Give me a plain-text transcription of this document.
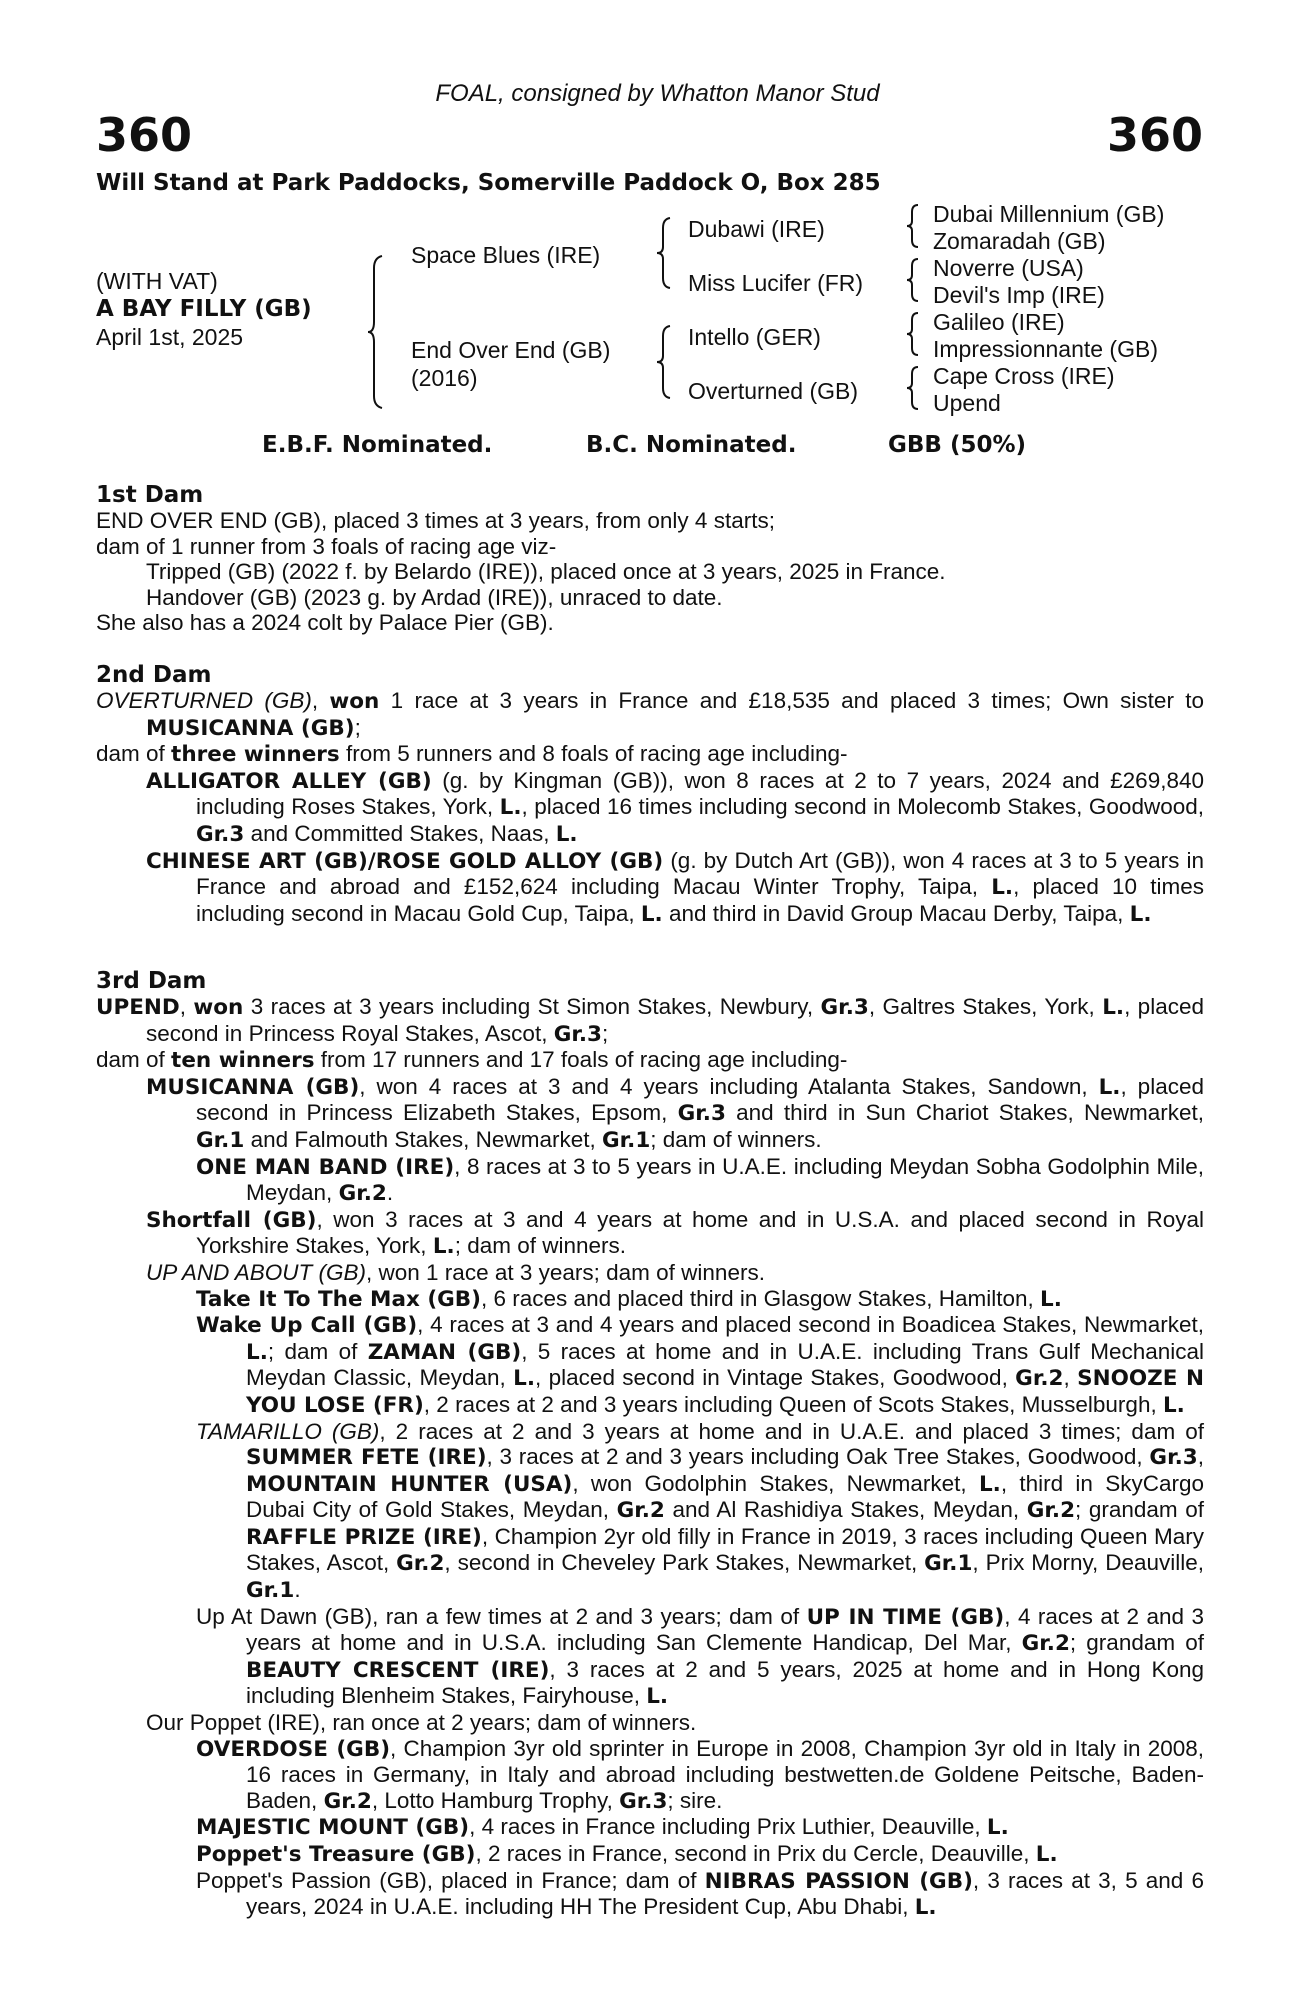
FOAL, consigned by Whatton Manor Stud
360	360
Will Stand at Park Paddocks, Somerville Paddock O, Box 285
(WITH VAT)
A BAY FILLY (GB)
April 1st, 2025
Space Blues (IRE)
End Over End (GB)
(2016)
Dubawi (IRE)
Miss Lucifer (FR)
Intello (GER)
Overturned (GB)
Dubai Millennium (GB)
Zomaradah (GB)
Noverre (USA)
Devil's Imp (IRE)
Galileo (IRE)
Impressionnante (GB)
Cape Cross (IRE)
Upend
E.B.F. Nominated.	B.C. Nominated.	GBB (50%)
1st Dam
END OVER END (GB), placed 3 times at 3 years, from only 4 starts;
dam of 1 runner from 3 foals of racing age viz-
Tripped (GB) (2022 f. by Belardo (IRE)), placed once at 3 years, 2025 in France.
Handover (GB) (2023 g. by Ardad (IRE)), unraced to date.
She also has a 2024 colt by Palace Pier (GB).
2nd Dam
OVERTURNED (GB), won 1 race at 3 years in France and £18,535 and placed 3 times; Own sister to MUSICANNA (GB);
dam of three winners from 5 runners and 8 foals of racing age including-
ALLIGATOR ALLEY (GB) (g. by Kingman (GB)), won 8 races at 2 to 7 years, 2024 and £269,840 including Roses Stakes, York, L., placed 16 times including second in Molecomb Stakes, Goodwood, Gr.3 and Committed Stakes, Naas, L.
CHINESE ART (GB)/ROSE GOLD ALLOY (GB) (g. by Dutch Art (GB)), won 4 races at 3 to 5 years in France and abroad and £152,624 including Macau Winter Trophy, Taipa, L., placed 10 times including second in Macau Gold Cup, Taipa, L. and third in David Group Macau Derby, Taipa, L.
3rd Dam
UPEND, won 3 races at 3 years including St Simon Stakes, Newbury, Gr.3, Galtres Stakes, York, L., placed second in Princess Royal Stakes, Ascot, Gr.3;
dam of ten winners from 17 runners and 17 foals of racing age including-
MUSICANNA (GB), won 4 races at 3 and 4 years including Atalanta Stakes, Sandown, L., placed second in Princess Elizabeth Stakes, Epsom, Gr.3 and third in Sun Chariot Stakes, Newmarket, Gr.1 and Falmouth Stakes, Newmarket, Gr.1; dam of winners.
ONE MAN BAND (IRE), 8 races at 3 to 5 years in U.A.E. including Meydan Sobha Godolphin Mile, Meydan, Gr.2.
Shortfall (GB), won 3 races at 3 and 4 years at home and in U.S.A. and placed second in Royal Yorkshire Stakes, York, L.; dam of winners.
UP AND ABOUT (GB), won 1 race at 3 years; dam of winners.
Take It To The Max (GB), 6 races and placed third in Glasgow Stakes, Hamilton, L.
Wake Up Call (GB), 4 races at 3 and 4 years and placed second in Boadicea Stakes, Newmarket, L.; dam of ZAMAN (GB), 5 races at home and in U.A.E. including Trans Gulf Mechanical Meydan Classic, Meydan, L., placed second in Vintage Stakes, Goodwood, Gr.2, SNOOZE N YOU LOSE (FR), 2 races at 2 and 3 years including Queen of Scots Stakes, Musselburgh, L.
TAMARILLO (GB), 2 races at 2 and 3 years at home and in U.A.E. and placed 3 times; dam of SUMMER FETE (IRE), 3 races at 2 and 3 years including Oak Tree Stakes, Goodwood, Gr.3, MOUNTAIN HUNTER (USA), won Godolphin Stakes, Newmarket, L., third in SkyCargo Dubai City of Gold Stakes, Meydan, Gr.2 and Al Rashidiya Stakes, Meydan, Gr.2; grandam of RAFFLE PRIZE (IRE), Champion 2yr old filly in France in 2019, 3 races including Queen Mary Stakes, Ascot, Gr.2, second in Cheveley Park Stakes, Newmarket, Gr.1, Prix Morny, Deauville, Gr.1.
Up At Dawn (GB), ran a few times at 2 and 3 years; dam of UP IN TIME (GB), 4 races at 2 and 3 years at home and in U.S.A. including San Clemente Handicap, Del Mar, Gr.2; grandam of BEAUTY CRESCENT (IRE), 3 races at 2 and 5 years, 2025 at home and in Hong Kong including Blenheim Stakes, Fairyhouse, L.
Our Poppet (IRE), ran once at 2 years; dam of winners.
OVERDOSE (GB), Champion 3yr old sprinter in Europe in 2008, Champion 3yr old in Italy in 2008, 16 races in Germany, in Italy and abroad including bestwetten.de Goldene Peitsche, Baden-Baden, Gr.2, Lotto Hamburg Trophy, Gr.3; sire.
MAJESTIC MOUNT (GB), 4 races in France including Prix Luthier, Deauville, L.
Poppet's Treasure (GB), 2 races in France, second in Prix du Cercle, Deauville, L.
Poppet's Passion (GB), placed in France; dam of NIBRAS PASSION (GB), 3 races at 3, 5 and 6 years, 2024 in U.A.E. including HH The President Cup, Abu Dhabi, L.
